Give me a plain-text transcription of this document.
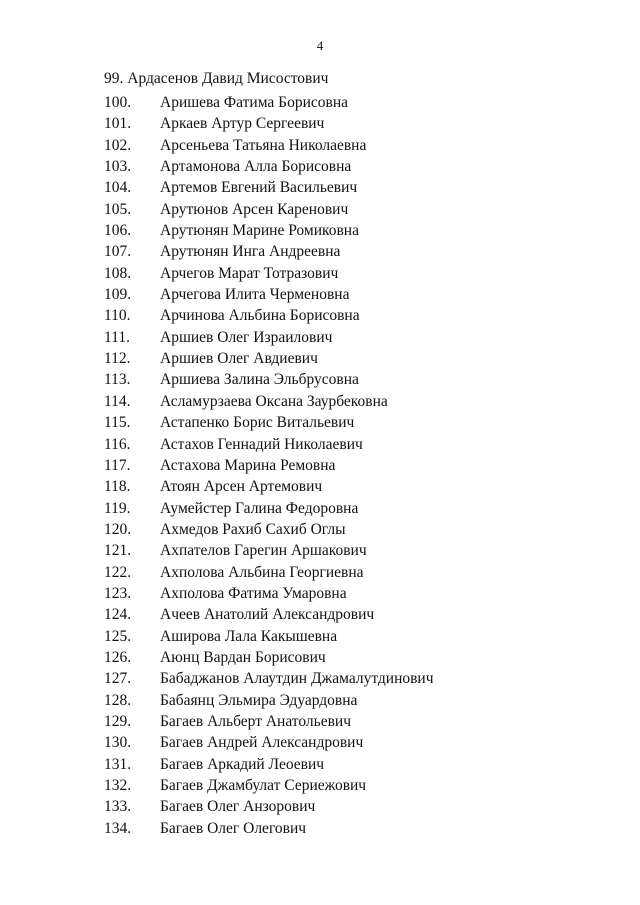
4
99. Ардасенов Давид Мисостович
100.	Аришева Фатима Борисовна
101.	Аркаев Артур Сергеевич
102.	Арсеньева Татьяна Николаевна
103.	Артамонова Алла Борисовна
104.	Артемов Евгений Васильевич
105.	Арутюнов Арсен Каренович
106.	Арутюнян Марине Ромиковна
107.	Арутюнян Инга Андреевна
108.	Арчегов Марат Тотразович
109.	Арчегова Илита Черменовна
110.	Арчинова Альбина Борисовна
111.	Аршиев Олег Израилович
112.	Аршиев Олег Авдиевич
113.	Аршиева Залина Эльбрусовна
114.	Асламурзаева Оксана Заурбековна
115.	Астапенко Борис Витальевич
116.	Астахов Геннадий Николаевич
117.	Астахова Марина Ремовна
118.	Атоян Арсен Артемович
119.	Аумейстер Галина Федоровна
120.	Ахмедов Рахиб Сахиб Оглы
121.	Ахпателов Гарегин Аршакович
122.	Ахполова Альбина Георгиевна
123.	Ахполова Фатима Умаровна
124.	Ачеев Анатолий Александрович
125.	Аширова Лала Какышевна
126.	Аюнц Вардан Борисович
127.	Бабаджанов Алаутдин Джамалутдинович
128.	Бабаянц Эльмира Эдуардовна
129.	Багаев Альберт Анатольевич
130.	Багаев Андрей Александрович
131.	Багаев Аркадий Леоевич
132.	Багаев Джамбулат Сериежович
133.	Багаев Олег Анзорович
134.	Багаев Олег Олегович
